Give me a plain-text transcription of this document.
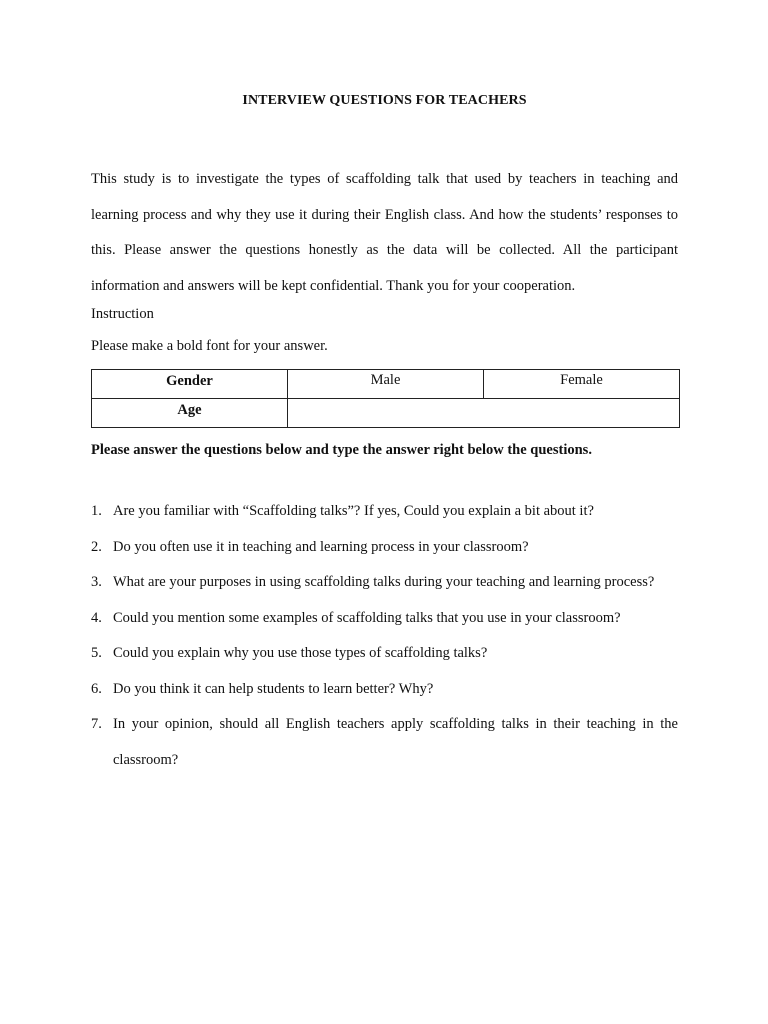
INTERVIEW QUESTIONS FOR TEACHERS

This study is to investigate the types of scaffolding talk that used by teachers in teaching and learning process and why they use it during their English class. And how the students’ responses to this. Please answer the questions honestly as the data will be collected. All the participant information and answers will be kept confidential. Thank you for your cooperation.

Instruction
Please make a bold font for your answer.
Gender	Male	Female
Age		
Please answer the questions below and type the answer right below the questions.
1. Are you familiar with “Scaffolding talks”? If yes, Could you explain a bit about it?
2. Do you often use it in teaching and learning process in your classroom?
3. What are your purposes in using scaffolding talks during your teaching and learning process?
4. Could you mention some examples of scaffolding talks that you use in your classroom?
5. Could you explain why you use those types of scaffolding talks?
6. Do you think it can help students to learn better? Why?
7. In your opinion, should all English teachers apply scaffolding talks in their teaching in the classroom?
